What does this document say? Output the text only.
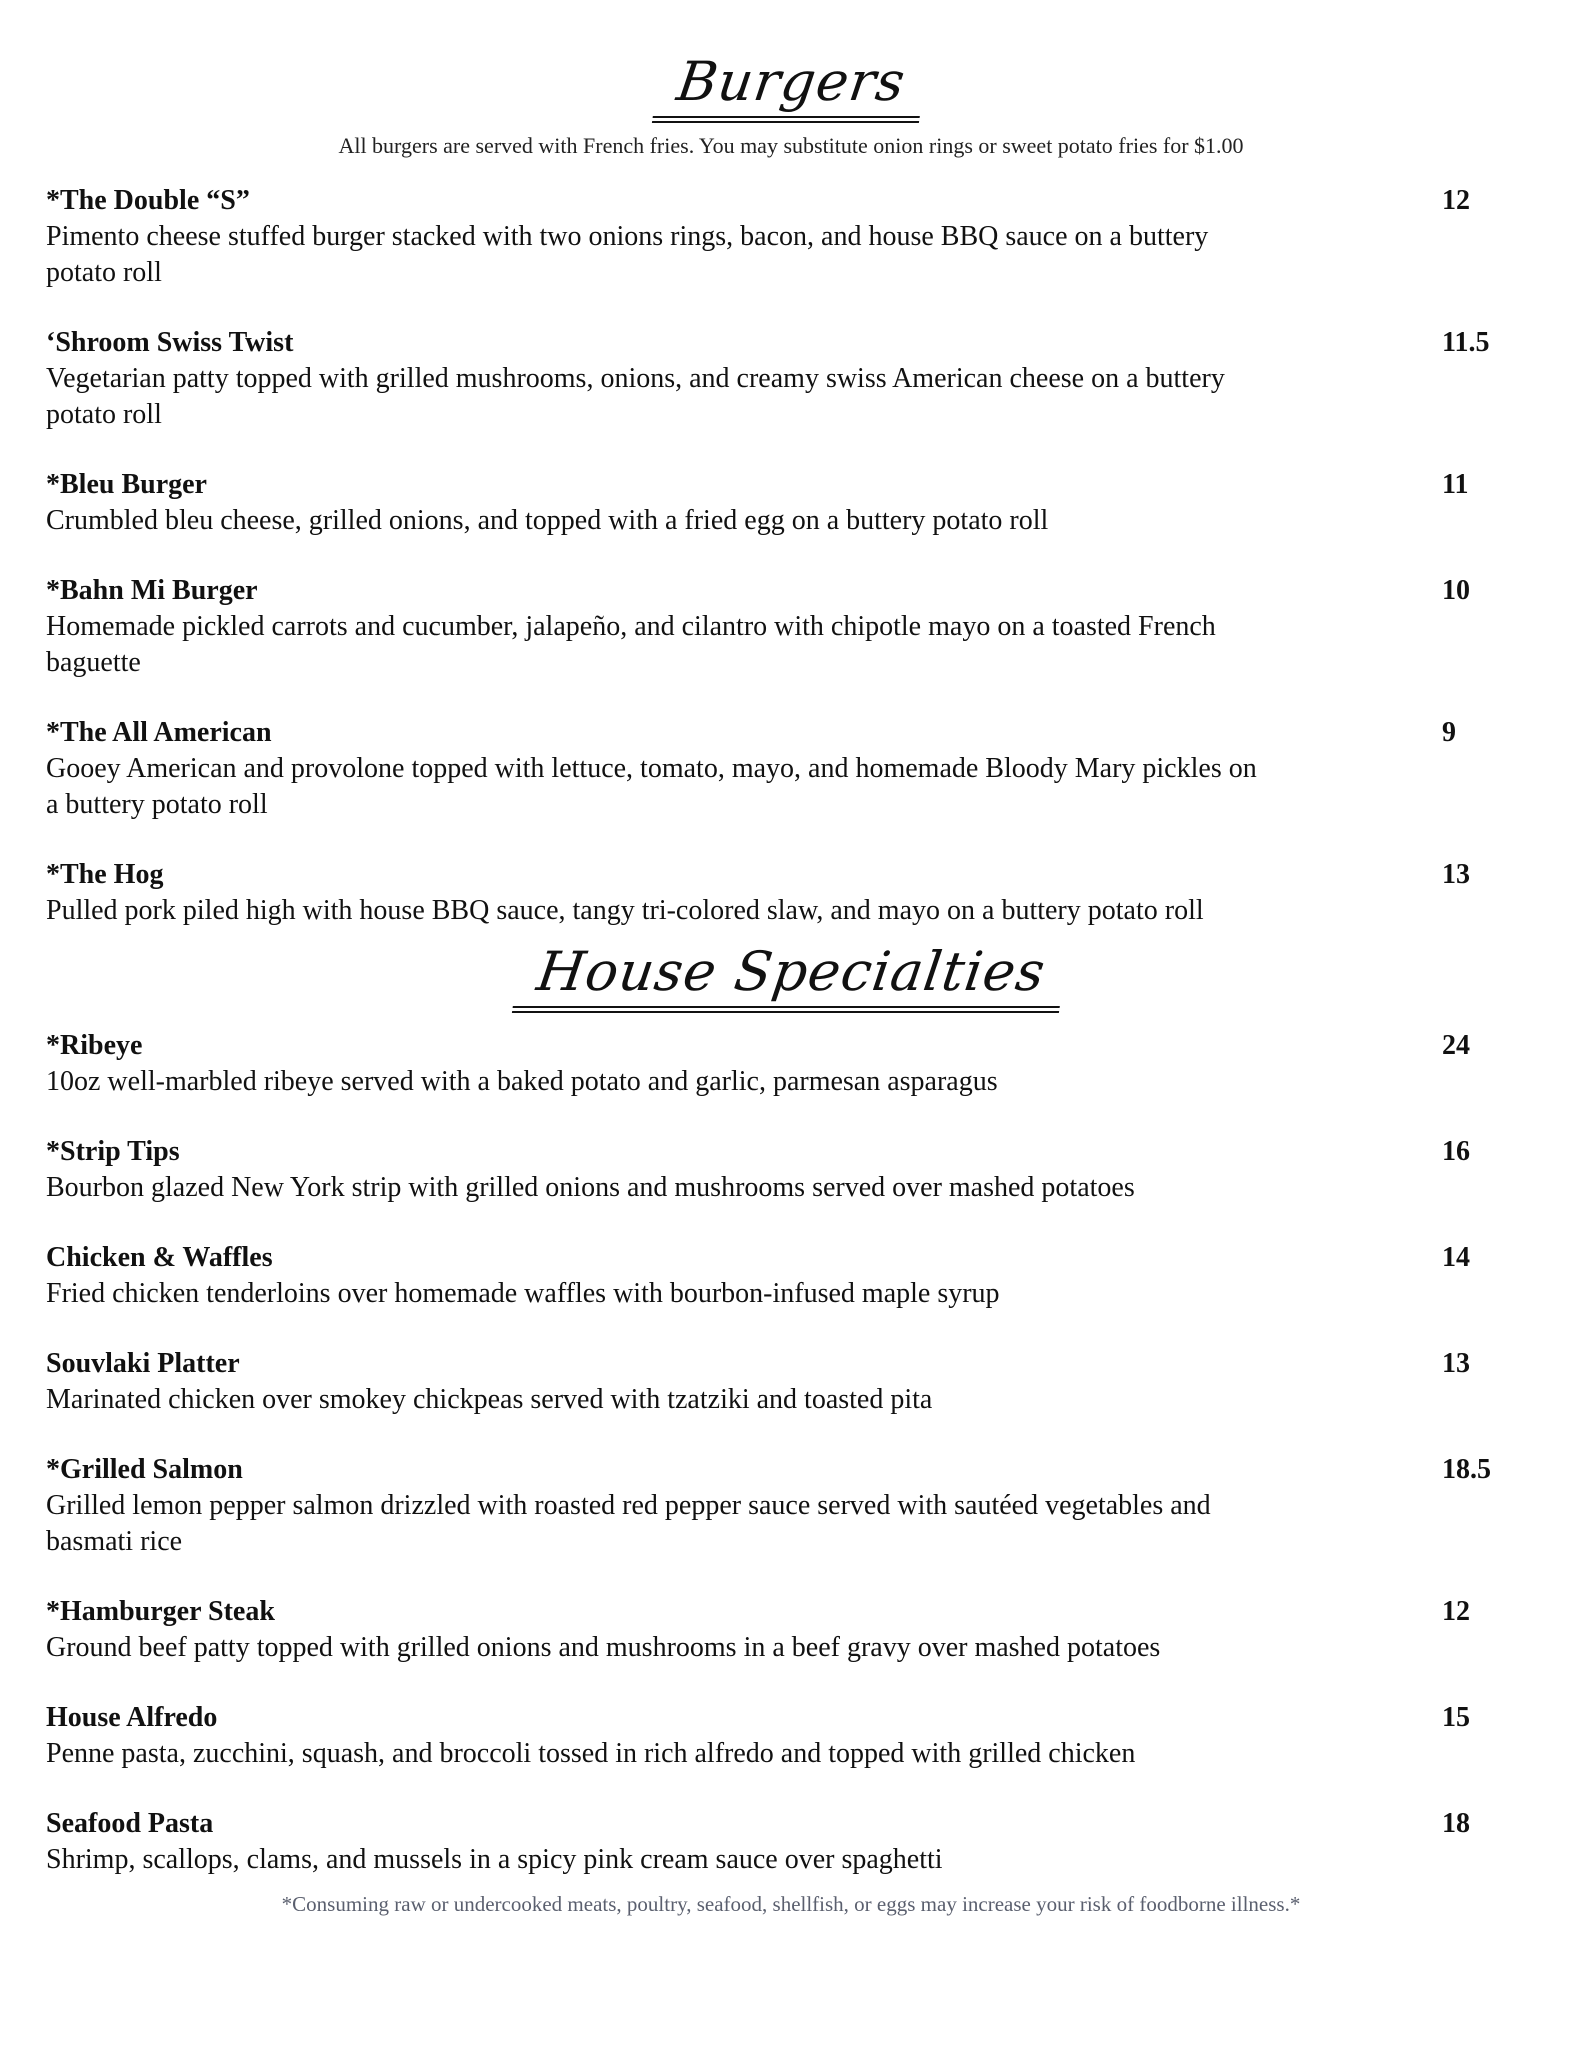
Burgers

All burgers are served with French fries. You may substitute onion rings or sweet potato fries for $1.00

*The Double “S”	12
Pimento cheese stuffed burger stacked with two onions rings, bacon, and house BBQ sauce on a buttery potato roll
‘Shroom Swiss Twist	11.5
Vegetarian patty topped with grilled mushrooms, onions, and creamy swiss American cheese on a buttery potato roll
*Bleu Burger	11
Crumbled bleu cheese, grilled onions, and topped with a fried egg on a buttery potato roll
*Bahn Mi Burger	10
Homemade pickled carrots and cucumber, jalapeño, and cilantro with chipotle mayo on a toasted French baguette
*The All American	9
Gooey American and provolone topped with lettuce, tomato, mayo, and homemade Bloody Mary pickles on a buttery potato roll
*The Hog	13
Pulled pork piled high with house BBQ sauce, tangy tri-colored slaw, and mayo on a buttery potato roll
House Specialties
*Ribeye	24
10oz well-marbled ribeye served with a baked potato and garlic, parmesan asparagus
*Strip Tips	16
Bourbon glazed New York strip with grilled onions and mushrooms served over mashed potatoes
Chicken & Waffles	14
Fried chicken tenderloins over homemade waffles with bourbon-infused maple syrup
Souvlaki Platter	13
Marinated chicken over smokey chickpeas served with tzatziki and toasted pita
*Grilled Salmon	18.5
Grilled lemon pepper salmon drizzled with roasted red pepper sauce served with sautéed vegetables and basmati rice
*Hamburger Steak	12
Ground beef patty topped with grilled onions and mushrooms in a beef gravy over mashed potatoes
House Alfredo	15
Penne pasta, zucchini, squash, and broccoli tossed in rich alfredo and topped with grilled chicken
Seafood Pasta	18
Shrimp, scallops, clams, and mussels in a spicy pink cream sauce over spaghetti

*Consuming raw or undercooked meats, poultry, seafood, shellfish, or eggs may increase your risk of foodborne illness.*
